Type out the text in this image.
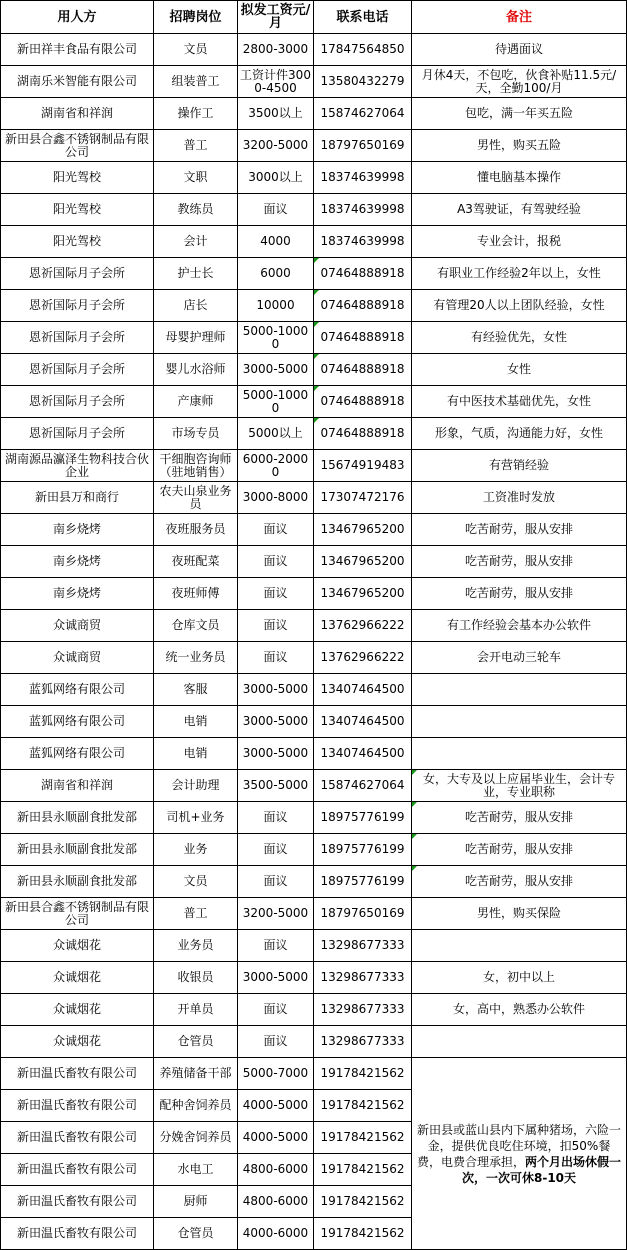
用人方	招聘岗位	拟发工资元/月	联系电话	备注
新田祥丰食品有限公司	文员	2800-3000	17847564850	待遇面议
湖南乐米智能有限公司	组装普工	工资计件3000-4500	13580432279	月休4天，不包吃，伙食补贴11.5元/天，全勤100/月
湖南省和祥润	操作工	3500以上	15874627064	包吃，满一年买五险
新田县合鑫不锈钢制品有限公司	普工	3200-5000	18797650169	男性，购买五险
阳光驾校	文职	3000以上	18374639998	懂电脑基本操作
阳光驾校	教练员	面议	18374639998	A3驾驶证，有驾驶经验
阳光驾校	会计	4000	18374639998	专业会计，报税
恩祈国际月子会所	护士长	6000	07464888918	有职业工作经验2年以上，女性
恩祈国际月子会所	店长	10000	07464888918	有管理20人以上团队经验，女性
恩祈国际月子会所	母婴护理师	5000-10000	07464888918	有经验优先，女性
恩祈国际月子会所	婴儿水浴师	3000-5000	07464888918	女性
恩祈国际月子会所	产康师	5000-10000	07464888918	有中医技术基础优先，女性
恩祈国际月子会所	市场专员	5000以上	07464888918	形象，气质，沟通能力好，女性
湖南源品瀛泽生物科技合伙企业	干细胞咨询师（驻地销售）	6000-20000	15674919483	有营销经验
新田县万和商行	农夫山泉业务员	3000-8000	17307472176	工资准时发放
南乡烧烤	夜班服务员	面议	13467965200	吃苦耐劳，服从安排
南乡烧烤	夜班配菜	面议	13467965200	吃苦耐劳，服从安排
南乡烧烤	夜班师傅	面议	13467965200	吃苦耐劳，服从安排
众诚商贸	仓库文员	面议	13762966222	有工作经验会基本办公软件
众诚商贸	统一业务员	面议	13762966222	会开电动三轮车
蓝狐网络有限公司	客服	3000-5000	13407464500	
蓝狐网络有限公司	电销	3000-5000	13407464500	
蓝狐网络有限公司	电销	3000-5000	13407464500	
湖南省和祥润	会计助理	3500-5000	15874627064	女，大专及以上应届毕业生，会计专业，专业职称
新田县永顺副食批发部	司机+业务	面议	18975776199	吃苦耐劳，服从安排
新田县永顺副食批发部	业务	面议	18975776199	吃苦耐劳，服从安排
新田县永顺副食批发部	文员	面议	18975776199	吃苦耐劳，服从安排
新田县合鑫不锈钢制品有限公司	普工	3200-5000	18797650169	男性，购买保险
众诚烟花	业务员	面议	13298677333	
众诚烟花	收银员	3000-5000	13298677333	女，初中以上
众诚烟花	开单员	面议	13298677333	女，高中，熟悉办公软件
众诚烟花	仓管员	面议	13298677333	
新田温氏畜牧有限公司	养殖储备干部	5000-7000	19178421562	新田县或蓝山县内下属种猪场，六险一金，提供优良吃住环境，扣50%餐费，电费合理承担，两个月出场休假一次，一次可休8-10天
新田温氏畜牧有限公司	配种舍饲养员	4000-5000	19178421562	
新田温氏畜牧有限公司	分娩舍饲养员	4000-5000	19178421562	
新田温氏畜牧有限公司	水电工	4800-6000	19178421562	
新田温氏畜牧有限公司	厨师	4800-6000	19178421562	
新田温氏畜牧有限公司	仓管员	4000-6000	19178421562	
